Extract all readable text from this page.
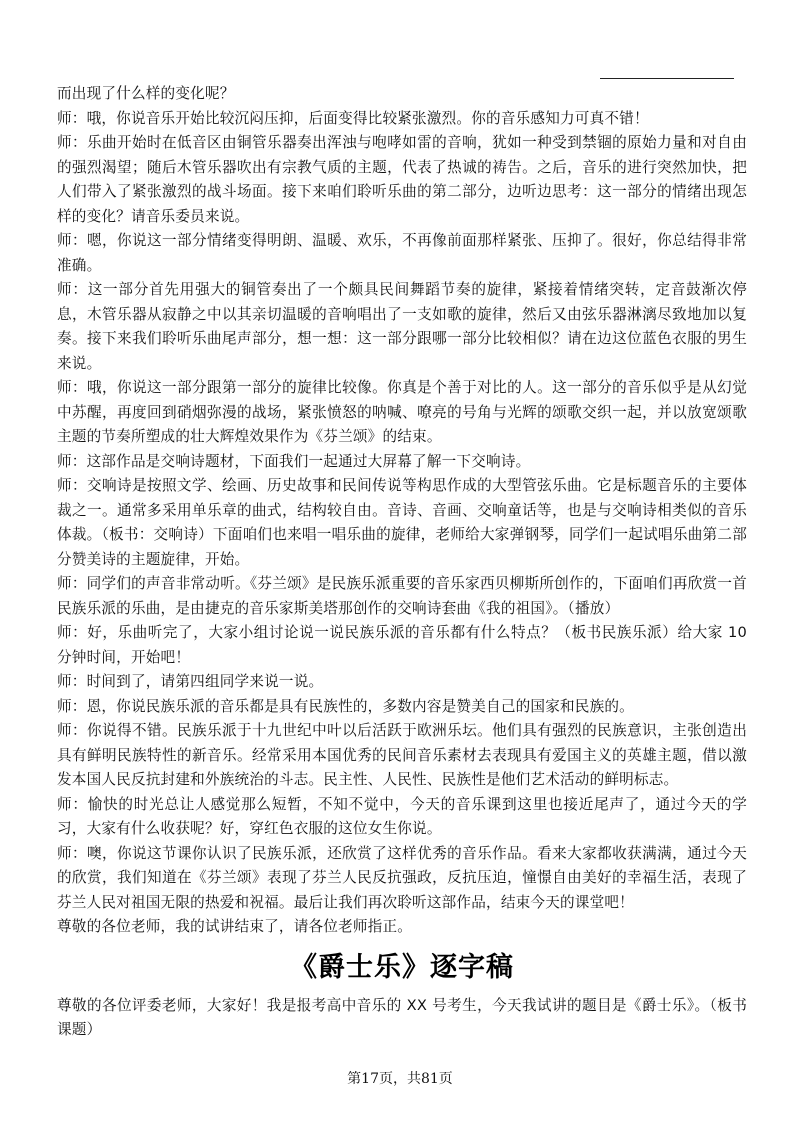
而出现了什么样的变化呢？

师：哦，你说音乐开始比较沉闷压抑，后面变得比较紧张激烈。你的音乐感知力可真不错！

师：乐曲开始时在低音区由铜管乐器奏出浑浊与咆哮如雷的音响，犹如一种受到禁锢的原始力量和对自由的强烈渴望；随后木管乐器吹出有宗教气质的主题，代表了热诚的祷告。之后，音乐的进行突然加快，把人们带入了紧张激烈的战斗场面。接下来咱们聆听乐曲的第二部分，边听边思考：这一部分的情绪出现怎样的变化？请音乐委员来说。

师：嗯，你说这一部分情绪变得明朗、温暖、欢乐，不再像前面那样紧张、压抑了。很好，你总结得非常准确。

师：这一部分首先用强大的铜管奏出了一个颇具民间舞蹈节奏的旋律，紧接着情绪突转，定音鼓渐次停息，木管乐器从寂静之中以其亲切温暖的音响唱出了一支如歌的旋律，然后又由弦乐器淋漓尽致地加以复奏。接下来我们聆听乐曲尾声部分，想一想：这一部分跟哪一部分比较相似？请在边这位蓝色衣服的男生来说。

师：哦，你说这一部分跟第一部分的旋律比较像。你真是个善于对比的人。这一部分的音乐似乎是从幻觉中苏醒，再度回到硝烟弥漫的战场，紧张愤怒的呐喊、嘹亮的号角与光辉的颂歌交织一起，并以放宽颂歌主题的节奏所塑成的壮大辉煌效果作为《芬兰颂》的结束。

师：这部作品是交响诗题材，下面我们一起通过大屏幕了解一下交响诗。

师：交响诗是按照文学、绘画、历史故事和民间传说等构思作成的大型管弦乐曲。它是标题音乐的主要体裁之一。通常多采用单乐章的曲式，结构较自由。音诗、音画、交响童话等，也是与交响诗相类似的音乐体裁。（板书：交响诗）下面咱们也来唱一唱乐曲的旋律，老师给大家弹钢琴，同学们一起试唱乐曲第二部分赞美诗的主题旋律，开始。

师：同学们的声音非常动听。《芬兰颂》是民族乐派重要的音乐家西贝柳斯所创作的，下面咱们再欣赏一首民族乐派的乐曲，是由捷克的音乐家斯美塔那创作的交响诗套曲《我的祖国》。（播放）

师：好，乐曲听完了，大家小组讨论说一说民族乐派的音乐都有什么特点？（板书民族乐派）给大家 10 分钟时间，开始吧！

师：时间到了，请第四组同学来说一说。

师：恩，你说民族乐派的音乐都是具有民族性的，多数内容是赞美自己的国家和民族的。

师：你说得不错。民族乐派于十九世纪中叶以后活跃于欧洲乐坛。他们具有强烈的民族意识，主张创造出具有鲜明民族特性的新音乐。经常采用本国优秀的民间音乐素材去表现具有爱国主义的英雄主题，借以激发本国人民反抗封建和外族统治的斗志。民主性、人民性、民族性是他们艺术活动的鲜明标志。

师：愉快的时光总让人感觉那么短暂，不知不觉中，今天的音乐课到这里也接近尾声了，通过今天的学习，大家有什么收获呢？好，穿红色衣服的这位女生你说。

师：噢，你说这节课你认识了民族乐派，还欣赏了这样优秀的音乐作品。看来大家都收获满满，通过今天的欣赏，我们知道在《芬兰颂》表现了芬兰人民反抗强政，反抗压迫，憧憬自由美好的幸福生活，表现了芬兰人民对祖国无限的热爱和祝福。最后让我们再次聆听这部作品，结束今天的课堂吧！

尊敬的各位老师，我的试讲结束了，请各位老师指正。

《爵士乐》逐字稿

尊敬的各位评委老师，大家好！我是报考高中音乐的 XX 号考生，今天我试讲的题目是《爵士乐》。（板书课题）

第17页，共81页
